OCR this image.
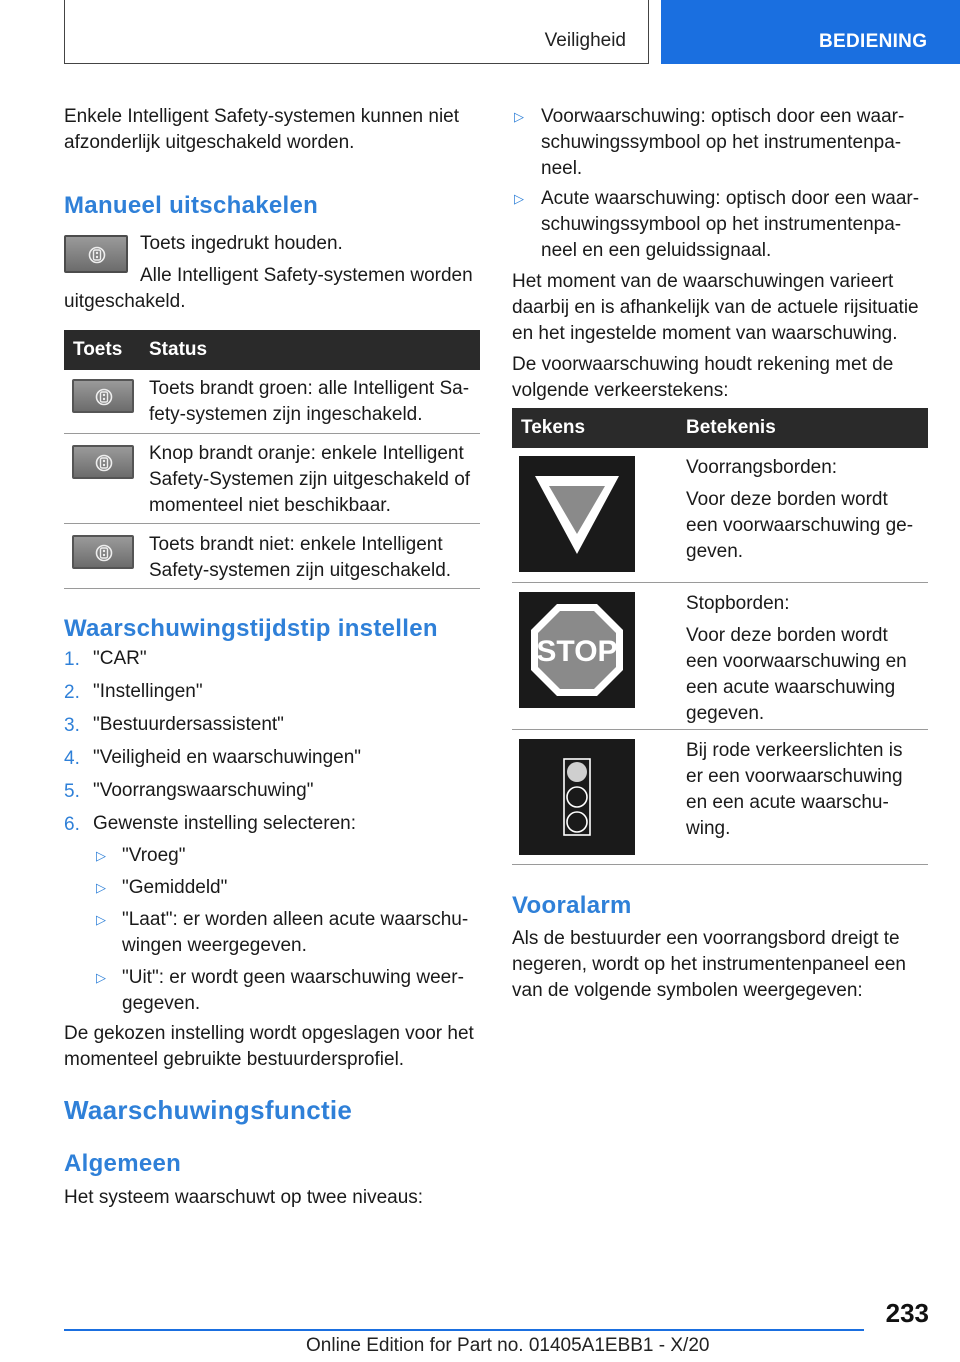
Veiligheid	BEDIENING
Enkele Intelligent Safety-systemen kunnen niet
afzonderlijk uitgeschakeld worden.
Manueel uitschakelen
Toets ingedrukt houden.
Alle Intelligent Safety-systemen worden
uitgeschakeld.
Toets Status
Toets brandt groen: alle Intelligent Sa-
fety-systemen zijn ingeschakeld.
Knop brandt oranje: enkele Intelligent
Safety-Systemen zijn uitgeschakeld of
momenteel niet beschikbaar.
Toets brandt niet: enkele Intelligent
Safety-systemen zijn uitgeschakeld.
Waarschuwingstijdstip instellen
1. "CAR"
2. "Instellingen"
3. "Bestuurdersassistent"
4. "Veiligheid en waarschuwingen"
5. "Voorrangswaarschuwing"
6. Gewenste instelling selecteren:
▷ "Vroeg"
▷ "Gemiddeld"
▷ "Laat": er worden alleen acute waarschu-
wingen weergegeven.
▷ "Uit": er wordt geen waarschuwing weer-
gegeven.
De gekozen instelling wordt opgeslagen voor het
momenteel gebruikte bestuurdersprofiel.
Waarschuwingsfunctie
Algemeen
Het systeem waarschuwt op twee niveaus:
▷ Voorwaarschuwing: optisch door een waar-
schuwingssymbool op het instrumentenpa-
neel.
▷ Acute waarschuwing: optisch door een waar-
schuwingssymbool op het instrumentenpa-
neel en een geluidssignaal.
Het moment van de waarschuwingen varieert
daarbij en is afhankelijk van de actuele rijsituatie
en het ingestelde moment van waarschuwing.
De voorwaarschuwing houdt rekening met de
volgende verkeerstekens:
Tekens	Betekenis
Voorrangsborden:
Voor deze borden wordt
een voorwaarschuwing ge-
geven.
STOP
Stopborden:
Voor deze borden wordt
een voorwaarschuwing en
een acute waarschuwing
gegeven.
Bij rode verkeerslichten is
er een voorwaarschuwing
en een acute waarschu-
wing.
Vooralarm
Als de bestuurder een voorrangsbord dreigt te
negeren, wordt op het instrumentenpaneel een
van de volgende symbolen weergegeven:
233
Online Edition for Part no. 01405A1EBB1 - X/20
